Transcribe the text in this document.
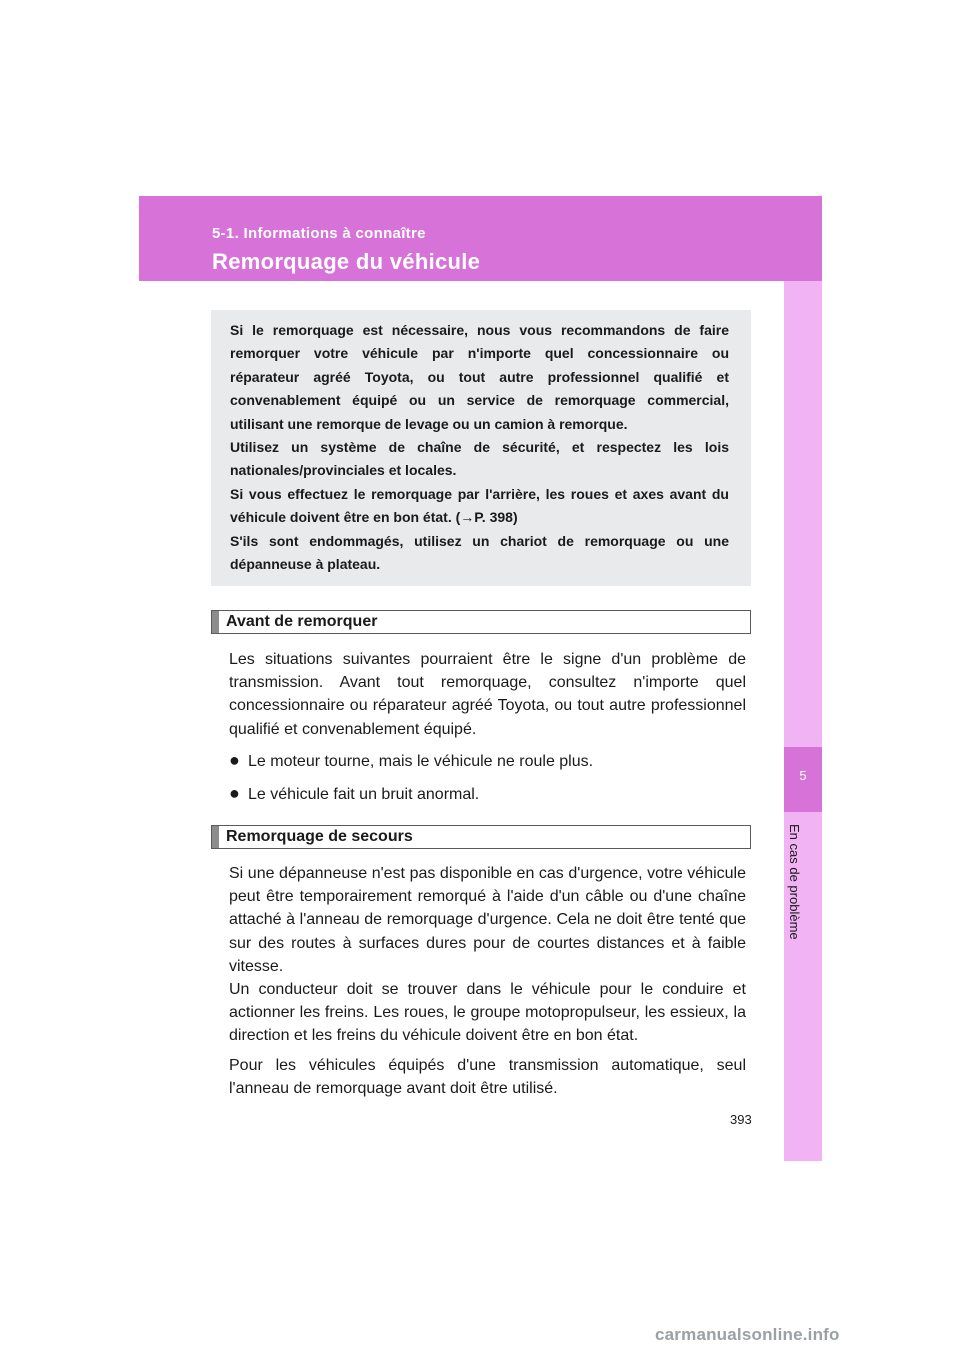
5-1. Informations à connaître
Remorquage du véhicule
5
En cas de problème

Si le remorquage est nécessaire, nous vous recommandons de faire remorquer votre véhicule par n'importe quel concessionnaire ou réparateur agréé Toyota, ou tout autre professionnel qualifié et convenablement équipé ou un service de remorquage commercial, utilisant une remorque de levage ou un camion à remorque.

Utilisez un système de chaîne de sécurité, et respectez les lois nationales/provinciales et locales.

Si vous effectuez le remorquage par l'arrière, les roues et axes avant du véhicule doivent être en bon état. (→P. 398)

S'ils sont endommagés, utilisez un chariot de remorquage ou une dépanneuse à plateau.

Avant de remorquer

Les situations suivantes pourraient être le signe d'un problème de transmission. Avant tout remorquage, consultez n'importe quel concessionnaire ou réparateur agréé Toyota, ou tout autre professionnel qualifié et convenablement équipé.

● Le moteur tourne, mais le véhicule ne roule plus.
● Le véhicule fait un bruit anormal.
Remorquage de secours

Si une dépanneuse n'est pas disponible en cas d'urgence, votre véhicule peut être temporairement remorqué à l'aide d'un câble ou d'une chaîne attaché à l'anneau de remorquage d'urgence. Cela ne doit être tenté que sur des routes à surfaces dures pour de courtes distances et à faible vitesse.

Un conducteur doit se trouver dans le véhicule pour le conduire et actionner les freins. Les roues, le groupe motopropulseur, les essieux, la direction et les freins du véhicule doivent être en bon état.

Pour les véhicules équipés d'une transmission automatique, seul l'anneau de remorquage avant doit être utilisé.

393
carmanualsonline.info
